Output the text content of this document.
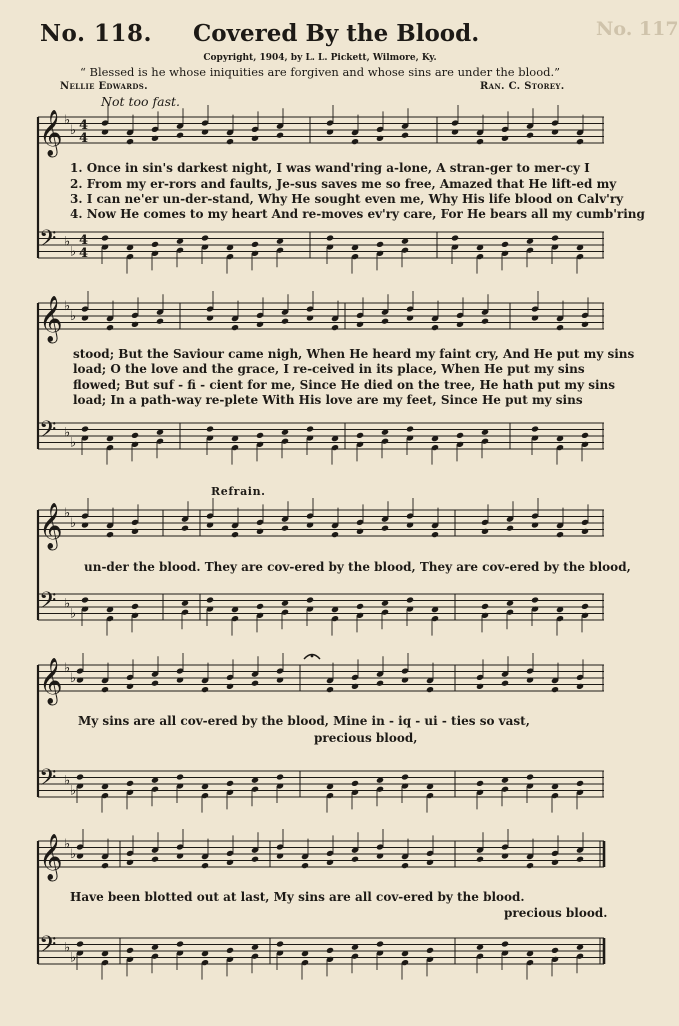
No. 118. Covered By the Blood.	No. 117
Copyright, 1904, by L. L. Pickett, Wilmore, Ky.
“ Blessed is he whose iniquities are forgiven and whose sins are under the blood.”
Nellie Edwards.	Ran. C. Storey.
Not too fast.
𝄞 ♭
♭
𝄢 ♭
♭
4
4
4
4
𝄞 ♭
♭
𝄢 ♭
♭
𝄞 ♭
♭
𝄢 ♭
♭
𝄞 ♭
♭
𝄢 ♭
♭
𝄞 ♭
♭
𝄢 ♭
♭
1. Once in sin's darkest night, I was wand'ring a-lone, A stran-ger to mer-cy I
2. From my er-rors and faults, Je-sus saves me so free, Amazed that He lift-ed my
3. I can ne'er un-der-stand, Why He sought even me, Why His life blood on Calv'ry
4. Now He comes to my heart And re-moves ev'ry care, For He bears all my cumb'ring
stood; But the Saviour came nigh, When He heard my faint cry, And He put my sins
load; O the love and the grace, I re-ceived in its place, When He put my sins
flowed; But suf - fi - cient for me, Since He died on the tree, He hath put my sins
load; In a path-way re-plete With His love are my feet, Since He put my sins
Refrain.
un-der the blood. They are cov-ered by the blood, They are cov-ered by the blood,
My sins are all cov-ered by the blood, Mine in - iq - ui - ties so vast,
precious blood,
Have been blotted out at last, My sins are all cov-ered by the blood.
precious blood.
